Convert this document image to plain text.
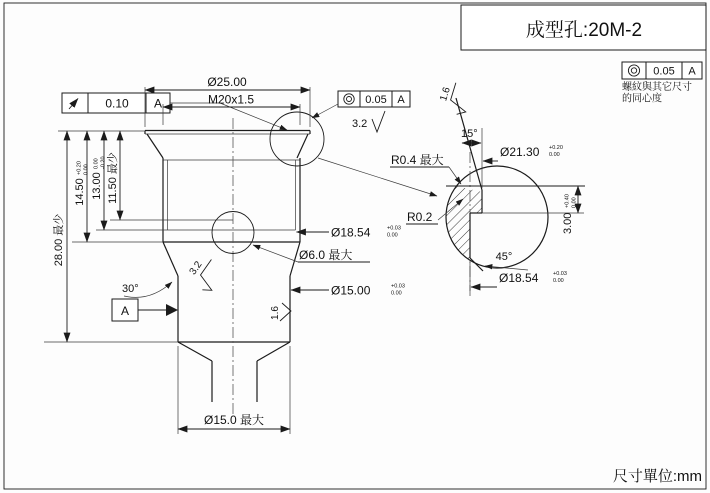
成型孔:20M-2
0.05 A
螺紋與其它尺寸
的同心度
0.10 A	0.05 A
3.2
Ø25.00
M20x1.5
28.00 最少
14.50
+0.20 0.00
13.00
0.00 -0.20 11.50 最少
Ø18.54	+0.03
0.00
Ø6.0 最大
Ø15.00	+0.03
0.00
Ø15.0 最大
30°
3.2
1.6
A
1.6
15°
Ø21.30 +0.20
0.00
R0.4 最大
R0.2
45°
Ø18.54	+0.03
0.00
3.00
+0.40 0.00
尺寸單位:mm
